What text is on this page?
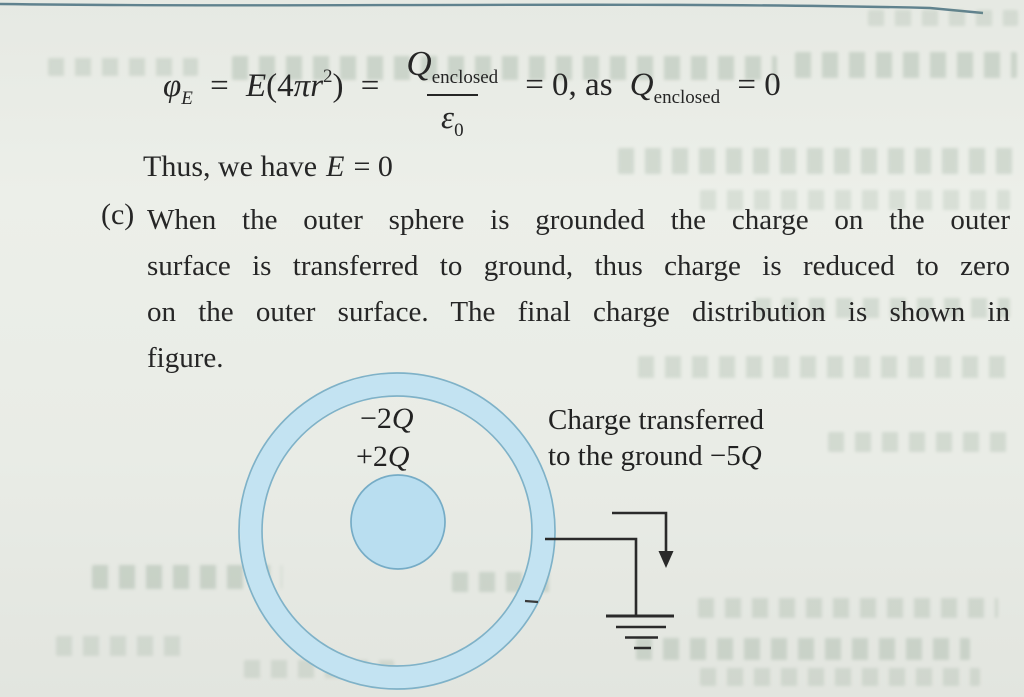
$\varphi_E = E(4\pi r^2) = \frac{Q_{enclosed}}{\varepsilon_0} = 0$, as $Q_{enclosed} = 0$
Thus, we have E = 0
(c) When the outer sphere is grounded the charge on the outer
surface is transferred to ground, thus charge is reduced to zero
on the outer surface. The final charge distribution is shown in
figure.
−2Q
+2Q
Charge transferred
to the ground −5Q
